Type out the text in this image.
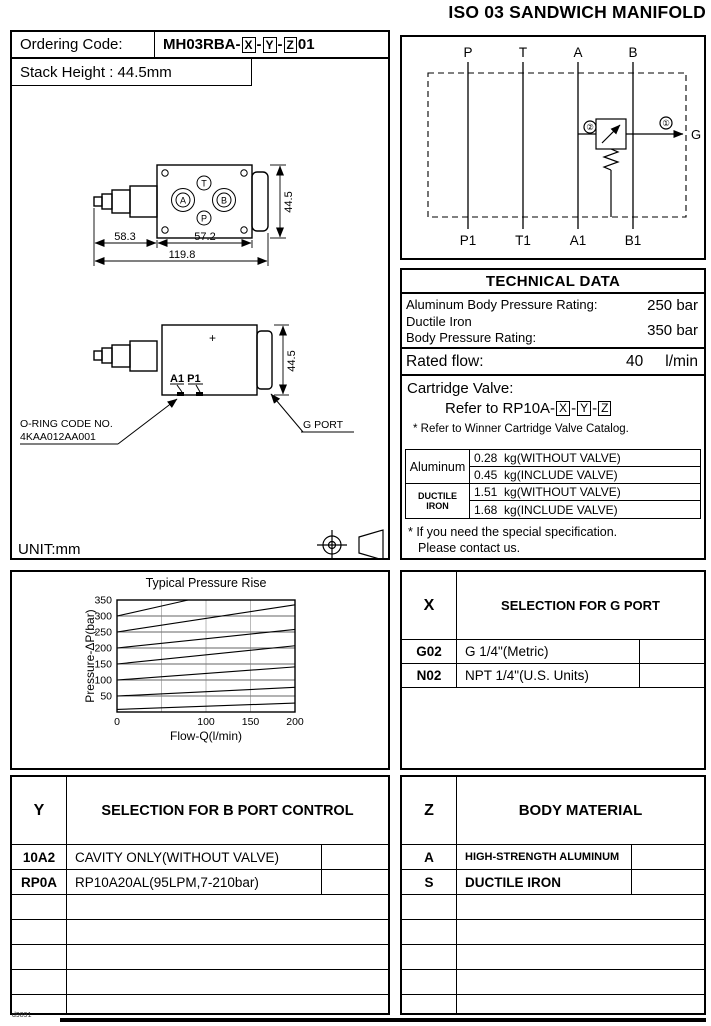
ISO 03 SANDWICH MANIFOLD
Ordering Code:	MH03RBA- X - Y - Z 01
Stack Height : 44.5mm
T
A	B
P
58.3	57.2
119.8
44.5
+
A1 P1
44.5
O-RING CODE NO.
4KAA012AA001
G PORT
UNIT:mm
P	T	A	B
②	①
G
P1	T1	A1	B1
TECHNICAL DATA
Aluminum Body Pressure Rating:	250 bar
Ductile Iron
Body Pressure Rating:	350 bar
Rated flow:	40 l/min
Cartridge Valve:
Refer to RP10A- X - Y - Z
* Refer to Winner Cartridge Valve Catalog.
Aluminum
0.28  kg(WITHOUT VALVE)
0.45  kg(INCLUDE VALVE)
DUCTILE IRON
1.51  kg(WITHOUT VALVE)
1.68  kg(INCLUDE VALVE)
* If you need the special specification.
Please contact us.
Typical Pressure Rise
Pressure-ΔP(bar) 50
100
150
200
250
300
350
0	100	150	200
Flow-Q(l/min)
X	SELECTION FOR G PORT
G02	G 1/4"(Metric)
N02	NPT 1/4"(U.S. Units)
Y	SELECTION FOR B PORT CONTROL
10A2	CAVITY ONLY(WITHOUT VALVE)
RP0A	RP10A20AL(95LPM,7-210bar)
Z	BODY MATERIAL
A	HIGH-STRENGTH ALUMINUM
S	DUCTILE IRON
d9891
